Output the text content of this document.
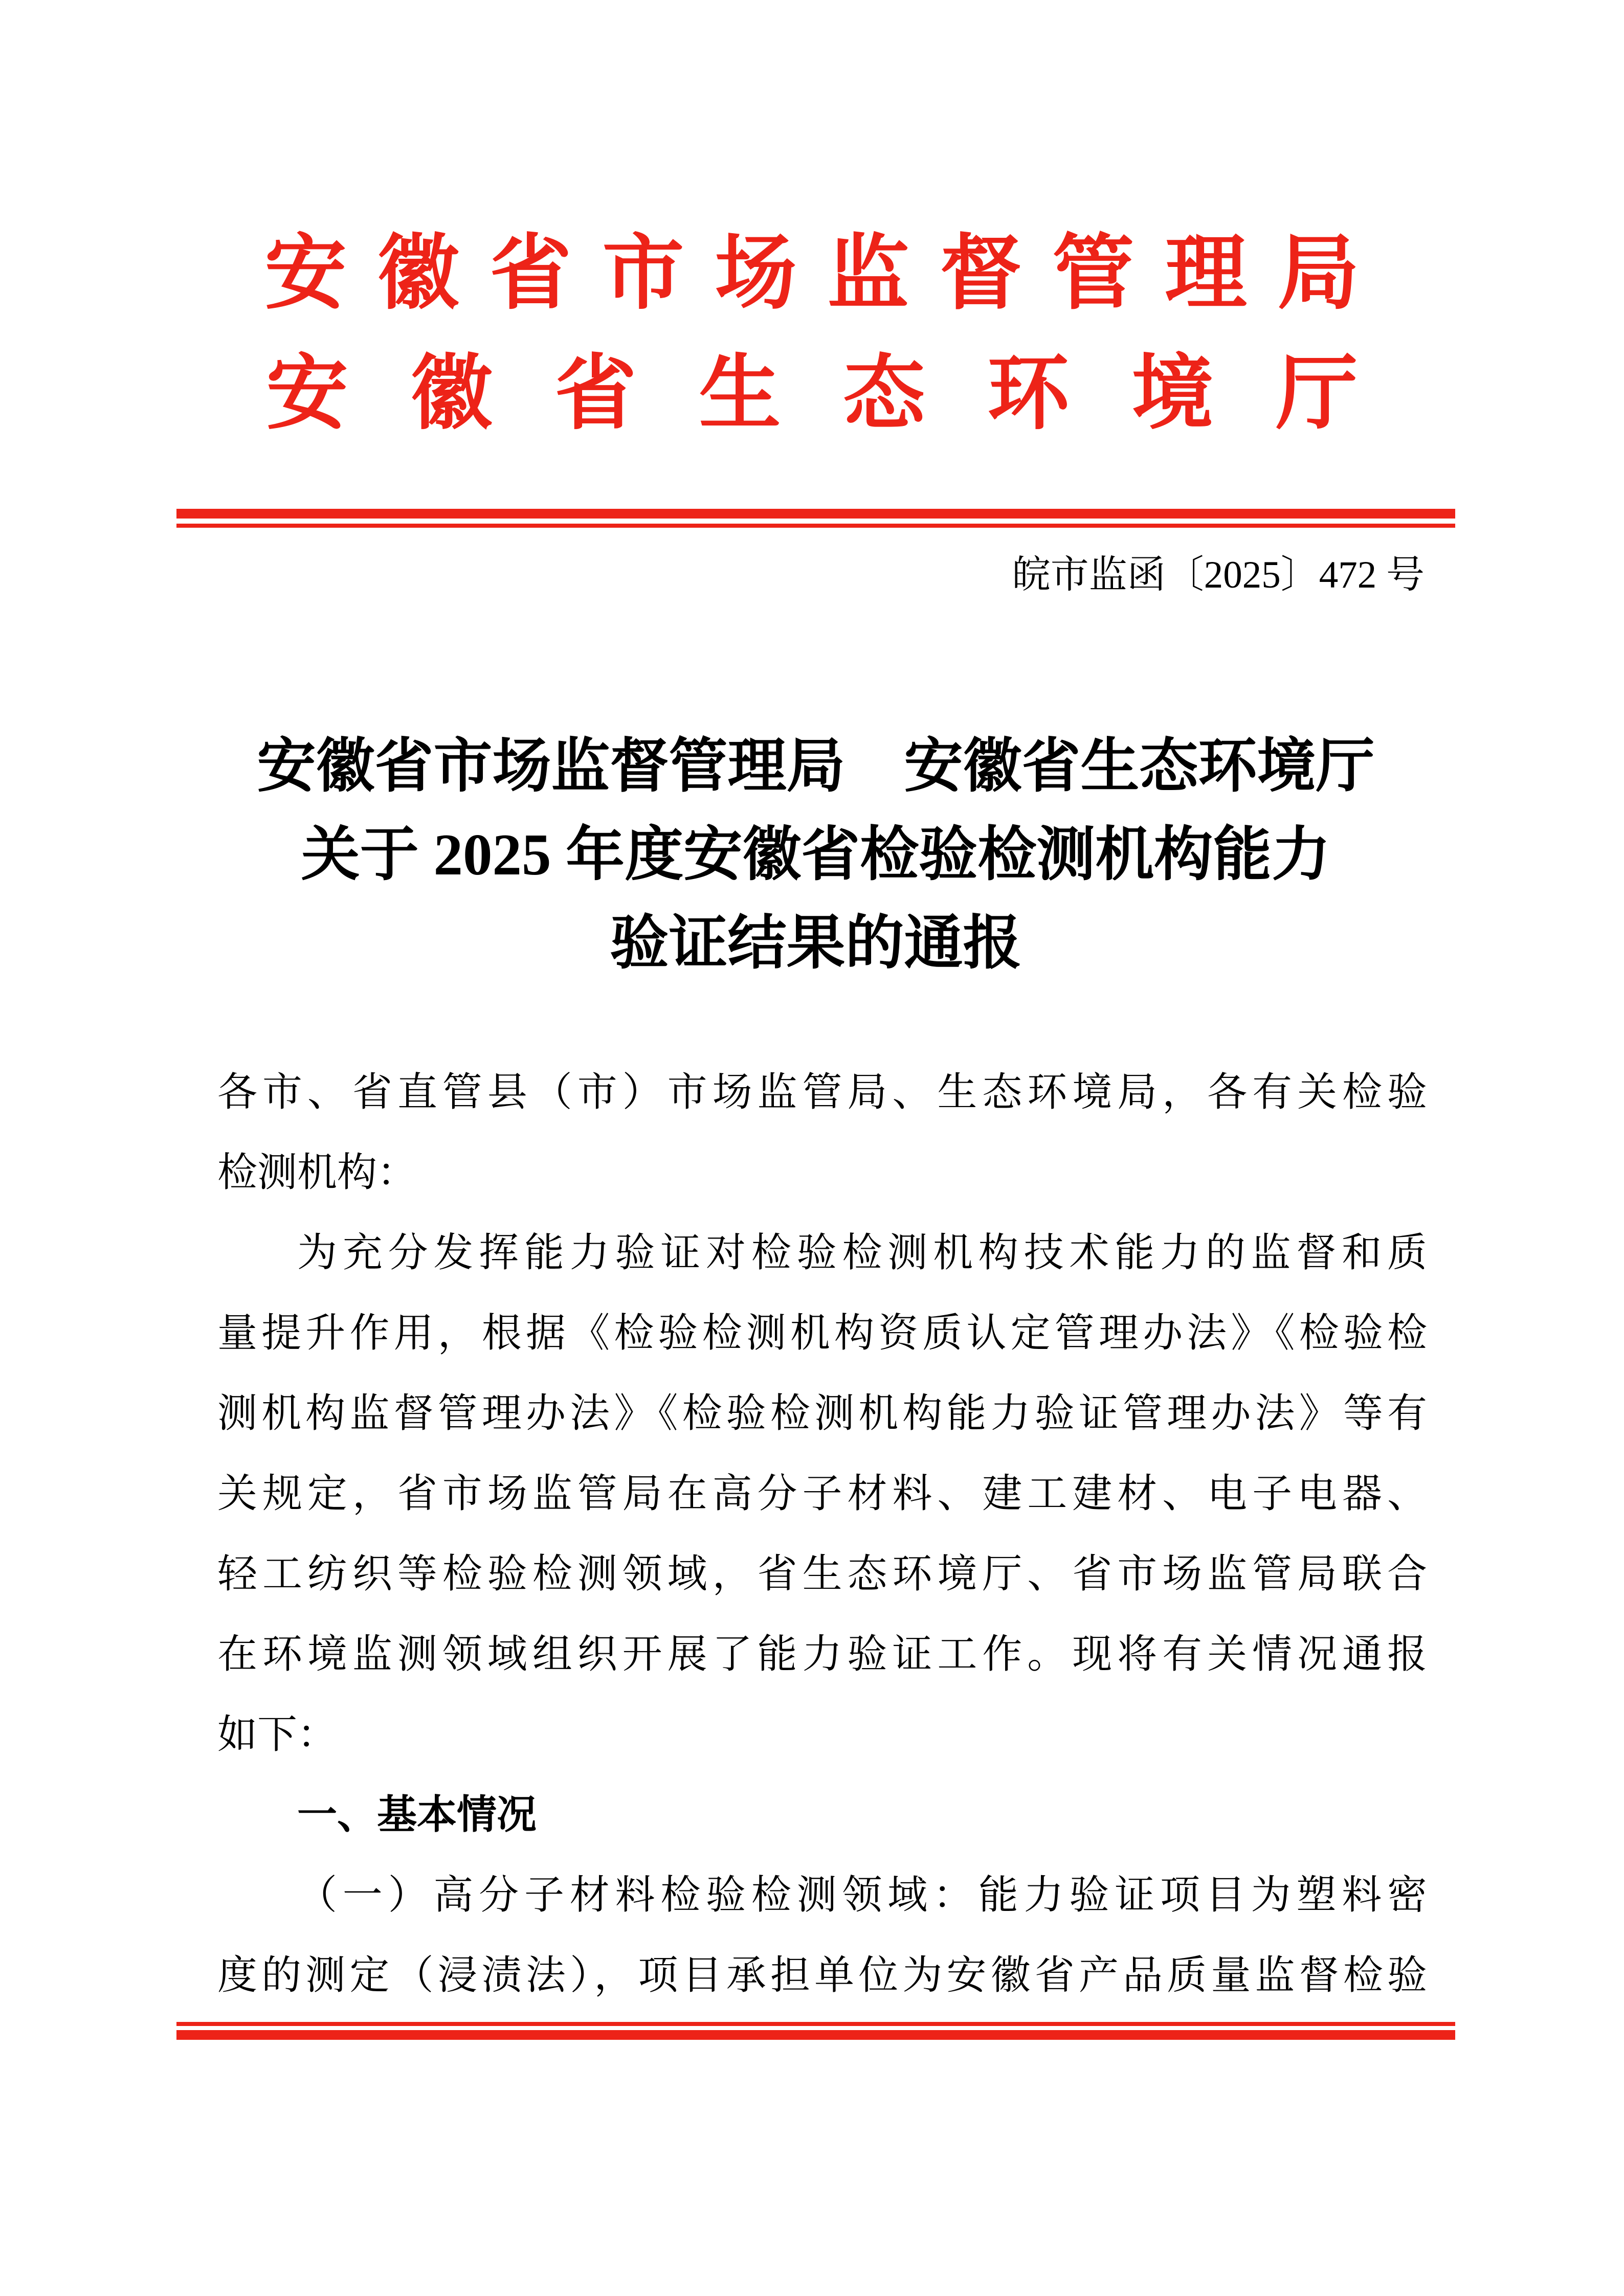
安徽省市场监督管理局
安徽省生态环境厅
皖市监函〔2025〕472 号
安徽省市场监督管理局　安徽省生态环境厅
关于 2025 年度安徽省检验检测机构能力
验证结果的通报
各市、省直管县（市）市场监管局、生态环境局，各有关检验
检测机构：
为充分发挥能力验证对检验检测机构技术能力的监督和质
量提升作用，根据《检验检测机构资质认定管理办法》《检验检
测机构监督管理办法》《检验检测机构能力验证管理办法》等有
关规定，省市场监管局在高分子材料、建工建材、电子电器、
轻工纺织等检验检测领域，省生态环境厅、省市场监管局联合
在环境监测领域组织开展了能力验证工作。现将有关情况通报
如下：
一、基本情况
（一）高分子材料检验检测领域：能力验证项目为塑料密
度的测定（浸渍法），项目承担单位为安徽省产品质量监督检验
